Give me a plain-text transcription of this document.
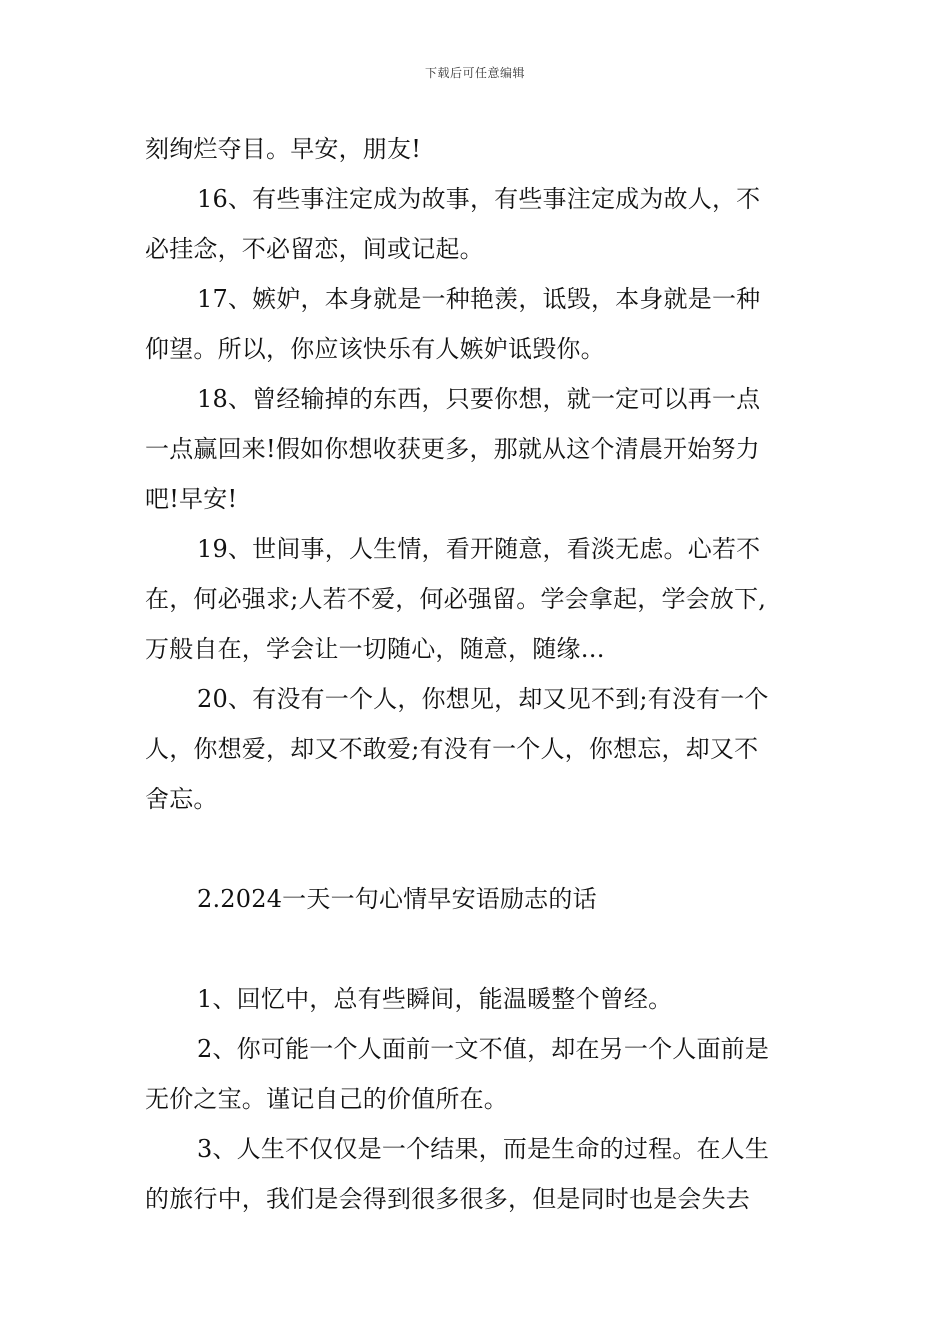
下载后可任意编辑
刻绚烂夺目。早安，朋友!
16、有些事注定成为故事，有些事注定成为故人，不
必挂念，不必留恋，间或记起。
17、嫉妒，本身就是一种艳羡，诋毁，本身就是一种
仰望。所以，你应该快乐有人嫉妒诋毁你。
18、曾经输掉的东西，只要你想，就一定可以再一点
一点赢回来!假如你想收获更多，那就从这个清晨开始努力
吧!早安!
19、世间事，人生情，看开随意，看淡无虑。心若不
在，何必强求;人若不爱，何必强留。学会拿起，学会放下,
万般自在，学会让一切随心，随意，随缘…
20、有没有一个人，你想见，却又见不到;有没有一个
人，你想爱，却又不敢爱;有没有一个人，你想忘，却又不
舍忘。
2.2024一天一句心情早安语励志的话
1、回忆中，总有些瞬间，能温暖整个曾经。
2、你可能一个人面前一文不值，却在另一个人面前是
无价之宝。谨记自己的价值所在。
3、人生不仅仅是一个结果，而是生命的过程。在人生
的旅行中，我们是会得到很多很多，但是同时也是会失去
